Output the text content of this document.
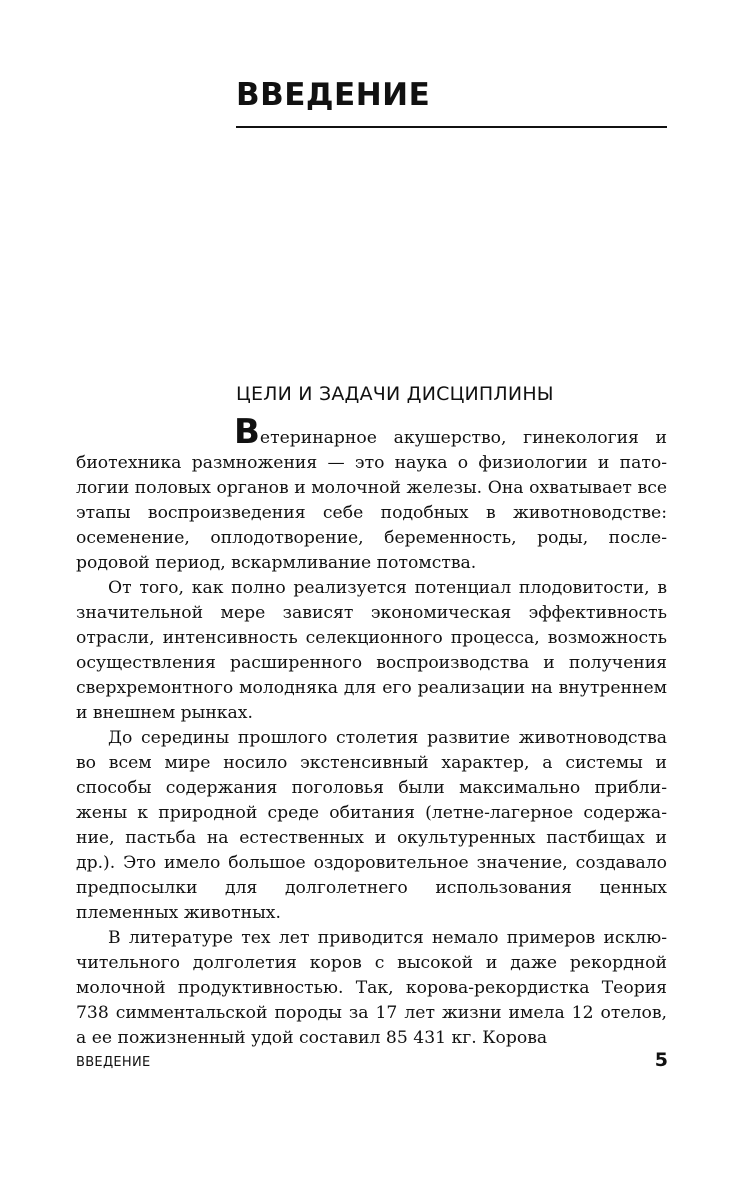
ВВЕДЕНИЕ
ЦЕЛИ И ЗАДАЧИ ДИСЦИПЛИНЫ

Ветеринарное акушерство, гинекология и биотехника размножения — это наука о физиологии и патологии половых органов и молочной железы. Она охватывает все этапы воспроизведения себе подобных в животноводстве: осеменение, оплодотворение, беременность, роды, послеродовой период, вскармливание потомства.

От того, как полно реализуется потенциал плодовитости, в значительной мере зависят экономическая эффективность отрасли, интенсивность селекционного процесса, возможность осуществления расширенного воспроизводства и получения сверхремонтного молодняка для его реализации на внутреннем и внешнем рынках.

До середины прошлого столетия развитие животноводства во всем мире носило экстенсивный характер, а системы и способы содержания поголовья были максимально приближены к природной среде обитания (летне-лагерное содержание, пастьба на естественных и окультуренных пастбищах и др.). Это имело большое оздоровительное значение, создавало предпосылки для долголетнего использования ценных племенных животных.

В литературе тех лет приводится немало примеров исключительного долголетия коров с высокой и даже рекордной молочной продуктивностью. Так, корова-рекордистка Теория 738 симментальской породы за 17 лет жизни имела 12 отелов, а ее пожизненный удой составил 85 431 кг. Корова

ВВЕДЕНИЕ	5
